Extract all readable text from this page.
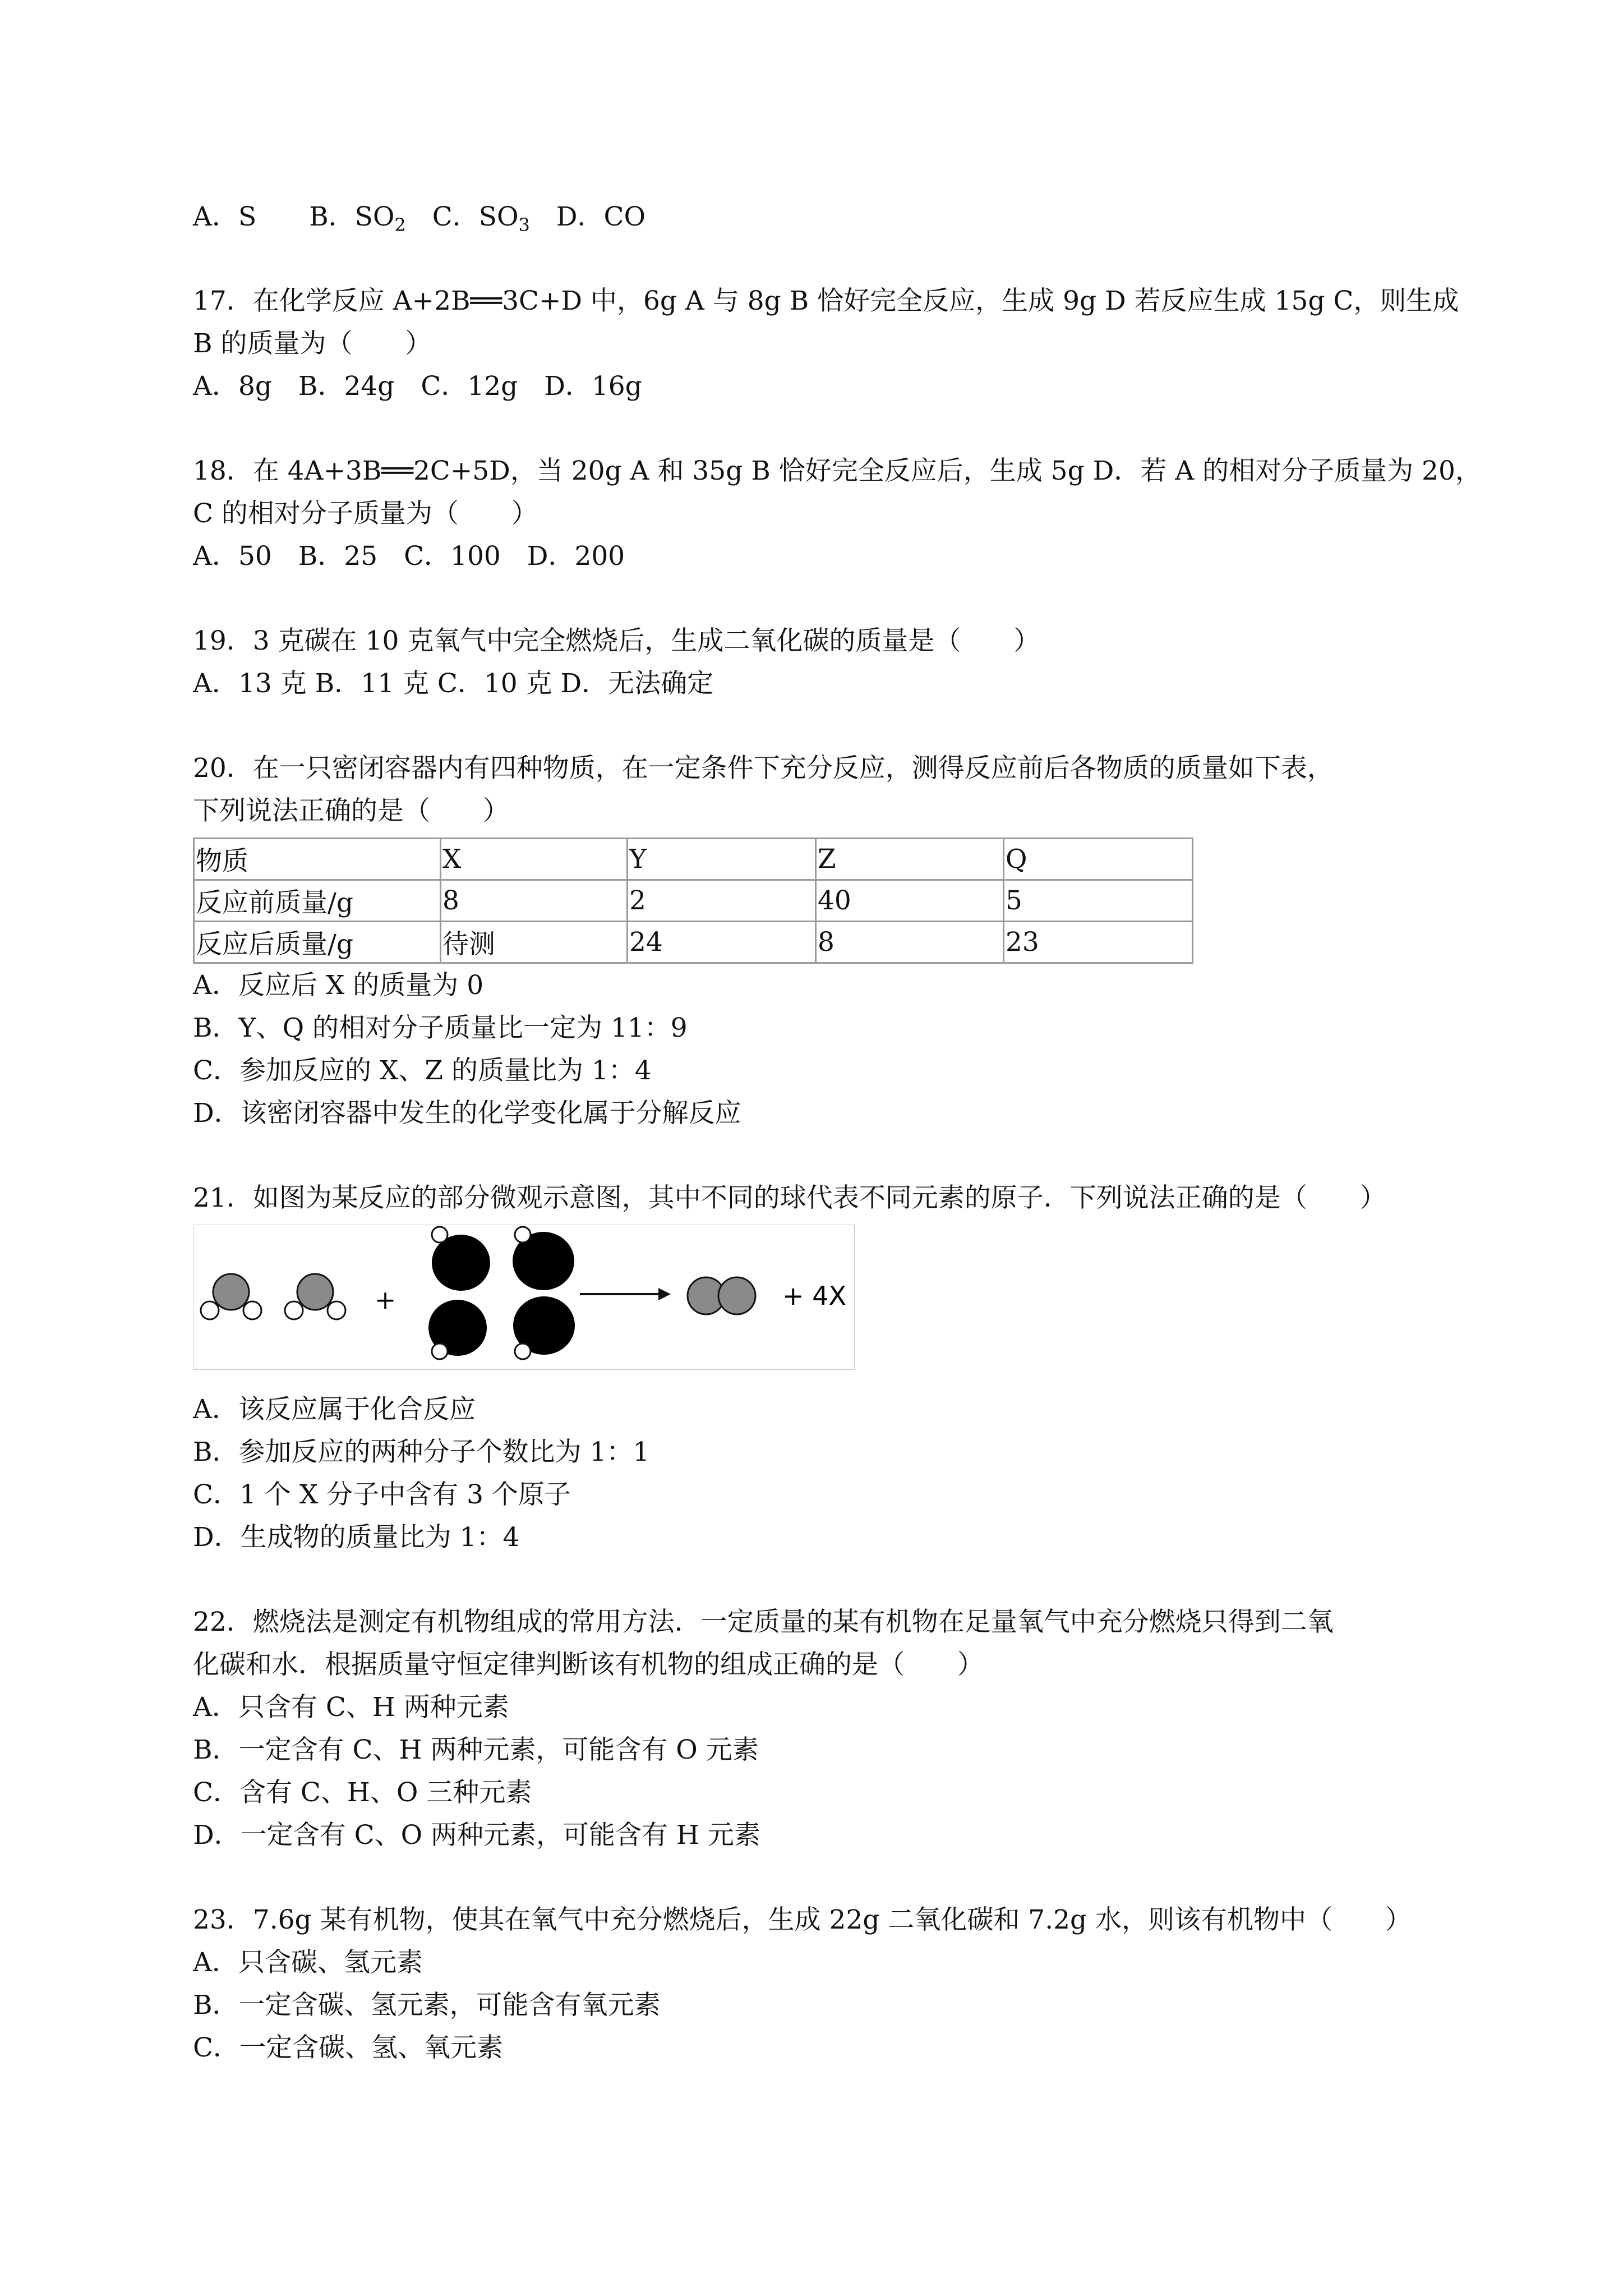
A．S　　 B．$SO_2$　 C．$SO_3$　 D．CO
17．在化学反应 A+2B══3C+D 中，6g A 与 8g B 恰好完全反应，生成 9g D 若反应生成 15g C，则生成
B 的质量为（　　）
A．8g　B．24g　C．12g　D．16g
18．在 4A+3B══2C+5D，当 20g A 和 35g B 恰好完全反应后，生成 5g D．若 A 的相对分子质量为 20，
C 的相对分子质量为（　　）
A．50　B．25　C．100　D．200
19．3 克碳在 10 克氧气中完全燃烧后，生成二氧化碳的质量是（　　）
A．13 克 B．11 克 C．10 克 D．无法确定
20．在一只密闭容器内有四种物质，在一定条件下充分反应，测得反应前后各物质的质量如下表，
下列说法正确的是（　　）
物质	X	Y	Z	Q
反应前质量/g	8	2	40	5
反应后质量/g	待测	24	8	23
A．反应后 X 的质量为 0
B．Y、Q 的相对分子质量比一定为 11：9
C．参加反应的 X、Z 的质量比为 1：4
D．该密闭容器中发生的化学变化属于分解反应
21．如图为某反应的部分微观示意图，其中不同的球代表不同元素的原子．下列说法正确的是（　　）
+	+ 4X
A．该反应属于化合反应
B．参加反应的两种分子个数比为 1：1
C．1 个 X 分子中含有 3 个原子
D．生成物的质量比为 1：4
22．燃烧法是测定有机物组成的常用方法．一定质量的某有机物在足量氧气中充分燃烧只得到二氧
化碳和水．根据质量守恒定律判断该有机物的组成正确的是（　　）
A．只含有 C、H 两种元素
B．一定含有 C、H 两种元素，可能含有 O 元素
C．含有 C、H、O 三种元素
D．一定含有 C、O 两种元素，可能含有 H 元素
23．7.6g 某有机物，使其在氧气中充分燃烧后，生成 22g 二氧化碳和 7.2g 水，则该有机物中（　　）
A．只含碳、氢元素
B．一定含碳、氢元素，可能含有氧元素
C．一定含碳、氢、氧元素
